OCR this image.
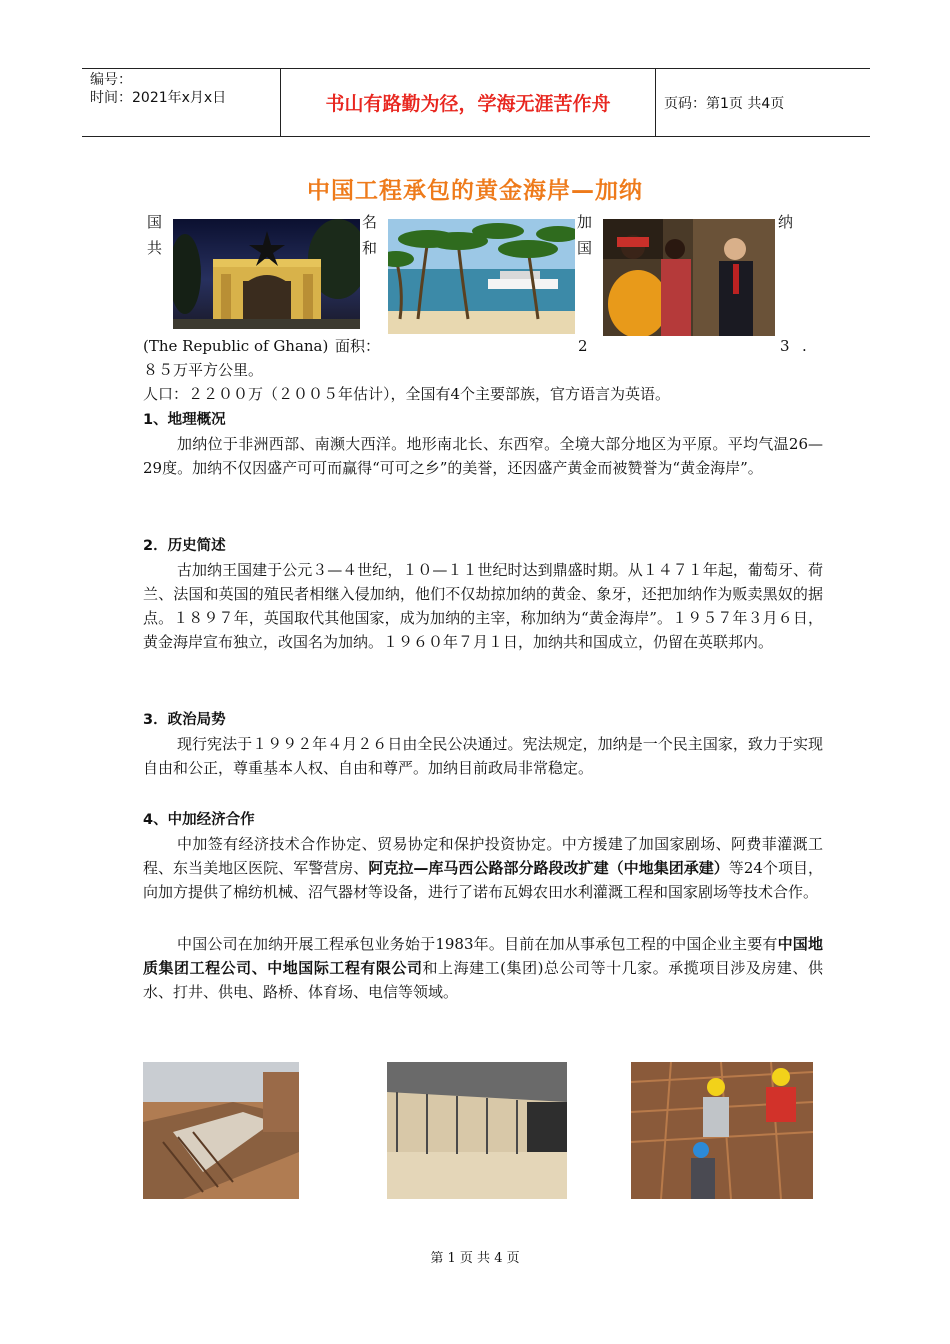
编号：
时间：2021年x月x日	书山有路勤为径，学海无涯苦作舟	页码：第1页 共4页
中国工程承包的黄金海岸—加纳
国	名	加	纳
共	和	国
(The Republic of Ghana) 面积：	2	3 .
８５万平方公里。
人口：２２００万（２００５年估计），全国有4个主要部族，官方语言为英语。
1、地理概况
加纳位于非洲西部、南濒大西洋。地形南北长、东西窄。全境大部分地区为平原。平均气温26—29度。加纳不仅因盛产可可而赢得“可可之乡”的美誉，还因盛产黄金而被赞誉为“黄金海岸”。
2．历史简述
古加纳王国建于公元３—４世纪，１０—１１世纪时达到鼎盛时期。从１４７１年起，葡萄牙、荷兰、法国和英国的殖民者相继入侵加纳，他们不仅劫掠加纳的黄金、象牙，还把加纳作为贩卖黑奴的据点。１８９７年，英国取代其他国家，成为加纳的主宰，称加纳为“黄金海岸”。１９５７年３月６日，黄金海岸宣布独立，改国名为加纳。１９６０年７月１日，加纳共和国成立，仍留在英联邦内。
3．政治局势
现行宪法于１９９２年４月２６日由全民公决通过。宪法规定，加纳是一个民主国家，致力于实现自由和公正，尊重基本人权、自由和尊严。加纳目前政局非常稳定。
4、中加经济合作
中加签有经济技术合作协定、贸易协定和保护投资协定。中方援建了加国家剧场、阿费菲灌溉工程、东当美地区医院、军警营房、阿克拉—库马西公路部分路段改扩建（中地集团承建）等24个项目，向加方提供了棉纺机械、沼气器材等设备，进行了诺布瓦姆农田水利灌溉工程和国家剧场等技术合作。
中国公司在加纳开展工程承包业务始于1983年。目前在加从事承包工程的中国企业主要有中国地质集团工程公司、中地国际工程有限公司和上海建工(集团)总公司等十几家。承揽项目涉及房建、供水、打井、供电、路桥、体育场、电信等领域。
第 1 页 共 4 页
